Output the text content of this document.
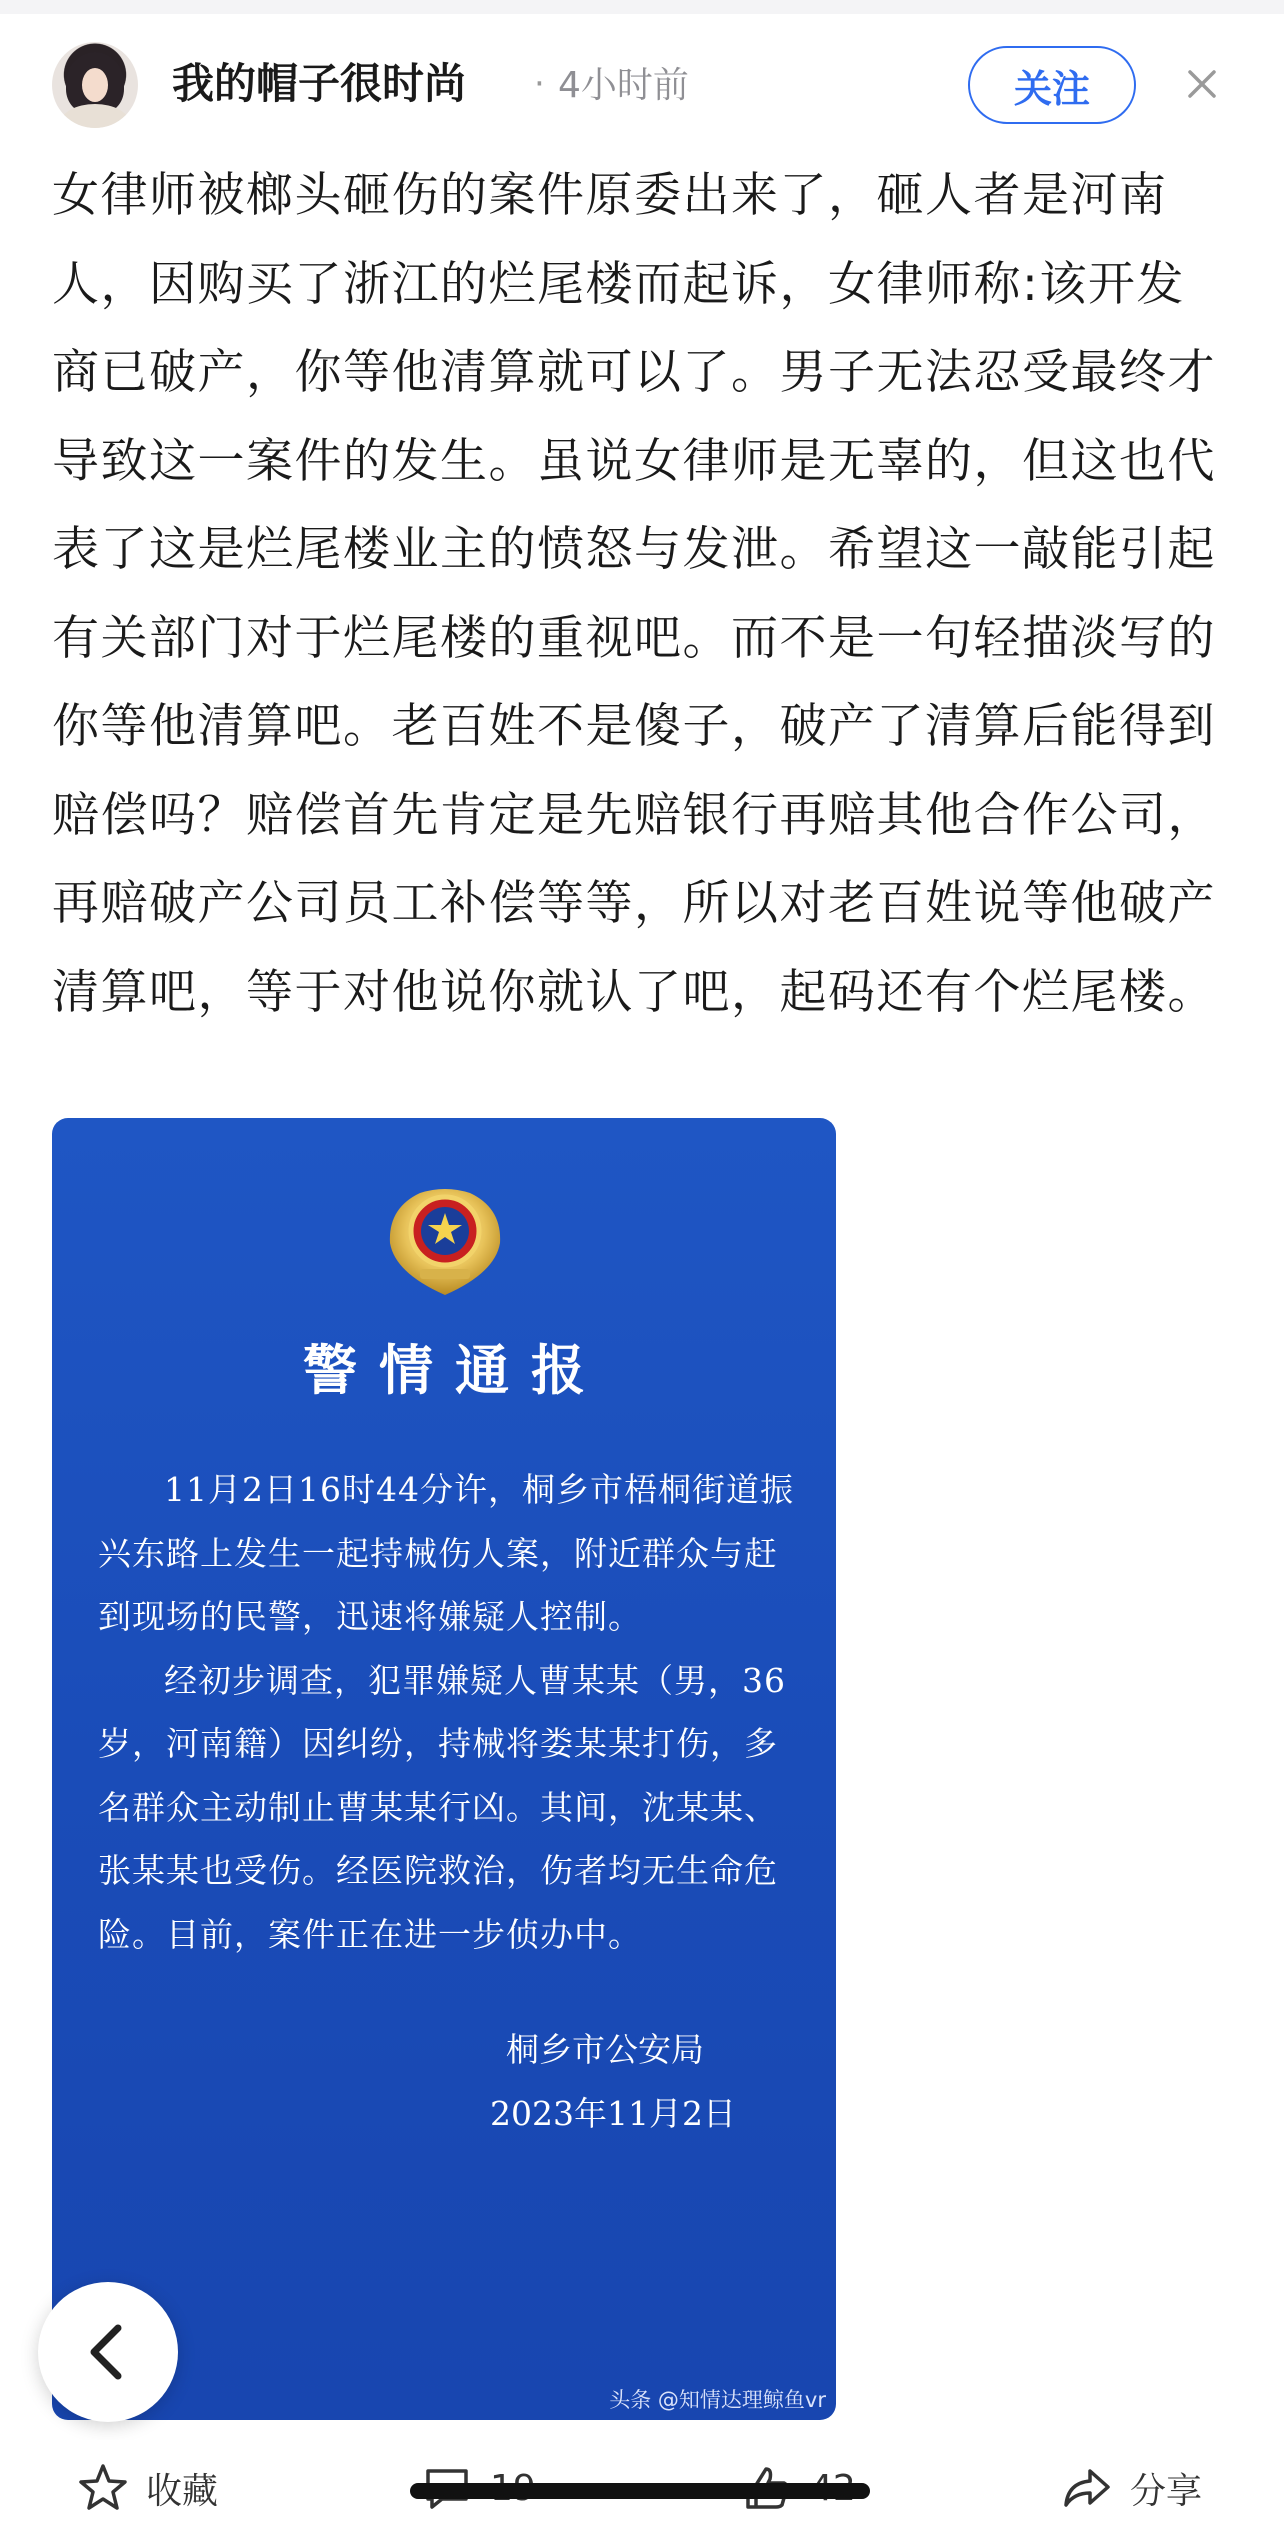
我的帽子很时尚 · 4小时前	关注

女律师被榔头砸伤的案件原委出来了，砸人者是河南人，因购买了浙江的烂尾楼而起诉，女律师称:该开发商已破产，你等他清算就可以了。男子无法忍受最终才导致这一案件的发生。虽说女律师是无辜的，但这也代表了这是烂尾楼业主的愤怒与发泄。希望这一敲能引起有关部门对于烂尾楼的重视吧。而不是一句轻描淡写的你等他清算吧。老百姓不是傻子，破产了清算后能得到赔偿吗？赔偿首先肯定是先赔银行再赔其他合作公司，再赔破产公司员工补偿等等，所以对老百姓说等他破产清算吧，等于对他说你就认了吧，起码还有个烂尾楼。

警情通报

11月2日16时44分许，桐乡市梧桐街道振兴东路上发生一起持械伤人案，附近群众与赶到现场的民警，迅速将嫌疑人控制。

经初步调查，犯罪嫌疑人曹某某（男，36岁，河南籍）因纠纷，持械将娄某某打伤，多名群众主动制止曹某某行凶。其间，沈某某、张某某也受伤。经医院救治，伤者均无生命危险。目前，案件正在进一步侦办中。

桐乡市公安局
2023年11月2日
头条 @知情达理鲸鱼vr
收藏	分享
